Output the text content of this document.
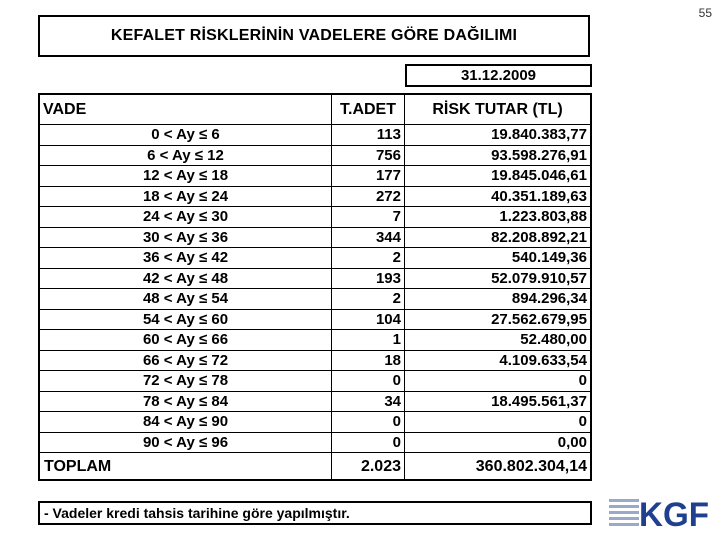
55
KEFALET RİSKLERİNİN VADELERE GÖRE DAĞILIMI
31.12.2009
VADE	T.ADET	RİSK TUTAR (TL)
0 < Ay ≤ 6	113	19.840.383,77
6 < Ay ≤ 12	756	93.598.276,91
12 < Ay ≤ 18	177	19.845.046,61
18 < Ay ≤ 24	272	40.351.189,63
24 < Ay ≤ 30	7	1.223.803,88
30 < Ay ≤ 36	344	82.208.892,21
36 < Ay ≤ 42	2	540.149,36
42 < Ay ≤ 48	193	52.079.910,57
48 < Ay ≤ 54	2	894.296,34
54 < Ay ≤ 60	104	27.562.679,95
60 < Ay ≤ 66	1	52.480,00
66 < Ay ≤ 72	18	4.109.633,54
72 < Ay ≤ 78	0	0
78 < Ay ≤ 84	34	18.495.561,37
84 < Ay ≤ 90	0	0
90 < Ay ≤ 96	0	0,00
TOPLAM	2.023	360.802.304,14
- Vadeler kredi tahsis tarihine göre yapılmıştır.	KGF
